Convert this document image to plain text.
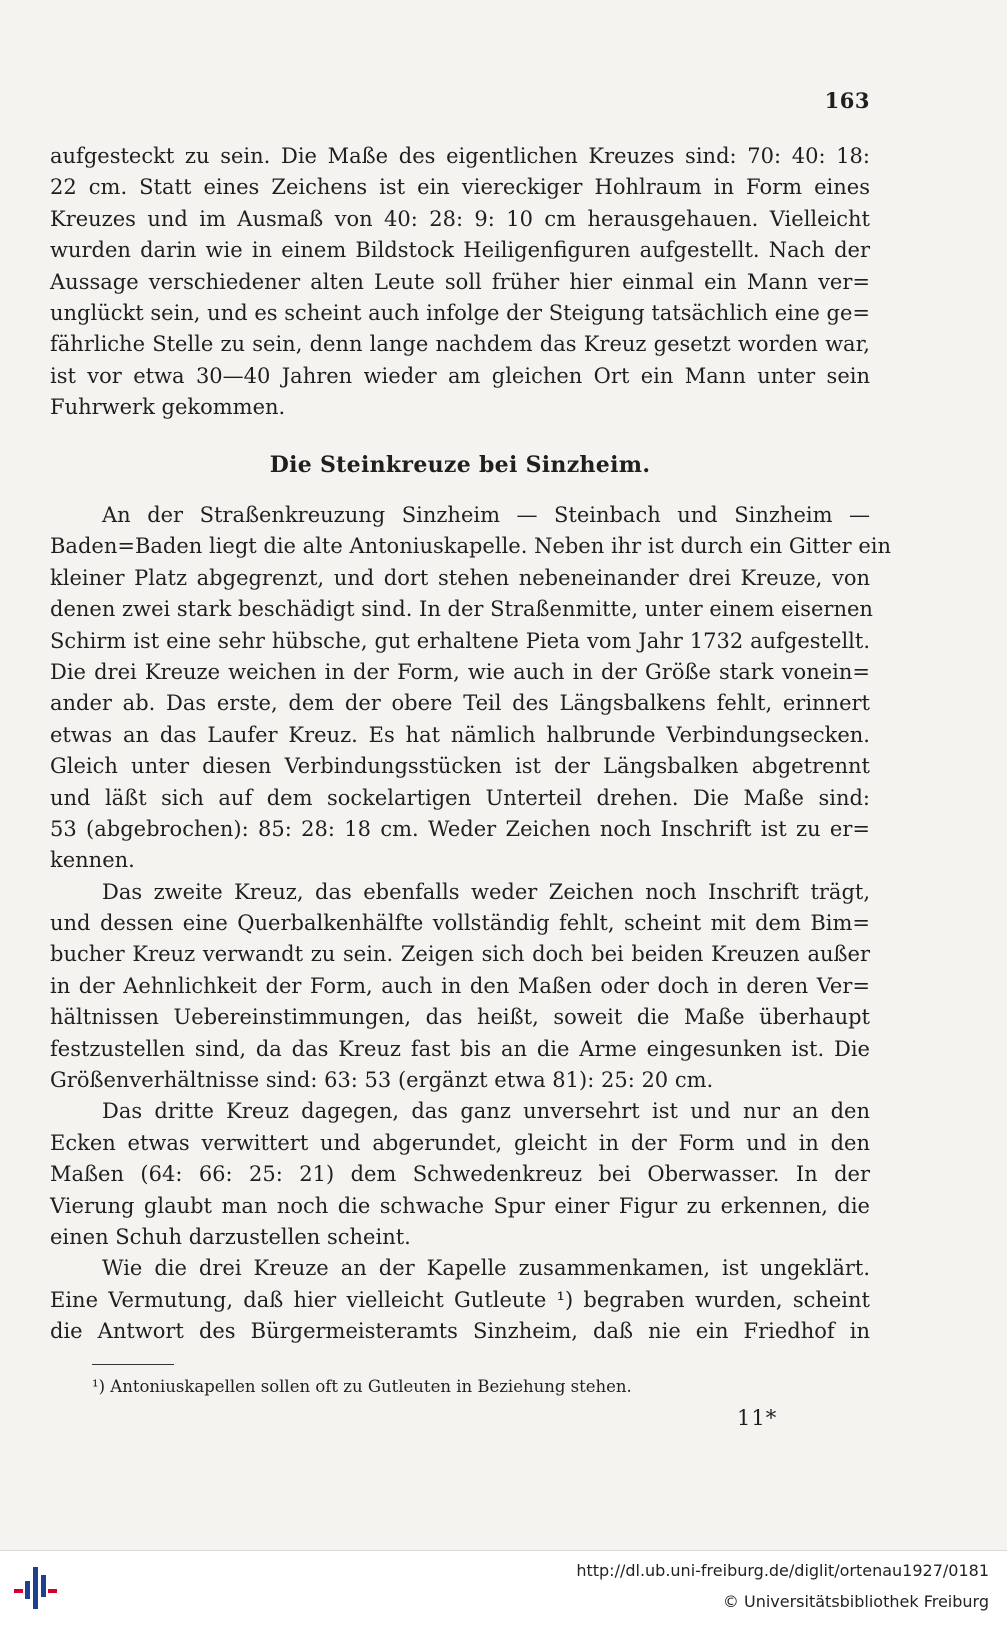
163
aufgesteckt zu sein. Die Maße des eigentlichen Kreuzes sind: 70: 40: 18:
22 cm. Statt eines Zeichens ist ein viereckiger Hohlraum in Form eines
Kreuzes und im Ausmaß von 40: 28: 9: 10 cm herausgehauen. Vielleicht
wurden darin wie in einem Bildstock Heiligenfiguren aufgestellt. Nach der
Aussage verschiedener alten Leute soll früher hier einmal ein Mann ver=
unglückt sein, und es scheint auch infolge der Steigung tatsächlich eine ge=
fährliche Stelle zu sein, denn lange nachdem das Kreuz gesetzt worden war,
ist vor etwa 30—40 Jahren wieder am gleichen Ort ein Mann unter sein
Fuhrwerk gekommen.
Die Steinkreuze bei Sinzheim.
An der Straßenkreuzung Sinzheim — Steinbach und Sinzheim —
Baden=Baden liegt die alte Antoniuskapelle. Neben ihr ist durch ein Gitter ein
kleiner Platz abgegrenzt, und dort stehen nebeneinander drei Kreuze, von
denen zwei stark beschädigt sind. In der Straßenmitte, unter einem eisernen
Schirm ist eine sehr hübsche, gut erhaltene Pieta vom Jahr 1732 aufgestellt.
Die drei Kreuze weichen in der Form, wie auch in der Größe stark vonein=
ander ab. Das erste, dem der obere Teil des Längsbalkens fehlt, erinnert
etwas an das Laufer Kreuz. Es hat nämlich halbrunde Verbindungsecken.
Gleich unter diesen Verbindungsstücken ist der Längsbalken abgetrennt
und läßt sich auf dem sockelartigen Unterteil drehen. Die Maße sind:
53 (abgebrochen): 85: 28: 18 cm. Weder Zeichen noch Inschrift ist zu er=
kennen.
Das zweite Kreuz, das ebenfalls weder Zeichen noch Inschrift trägt,
und dessen eine Querbalkenhälfte vollständig fehlt, scheint mit dem Bim=
bucher Kreuz verwandt zu sein. Zeigen sich doch bei beiden Kreuzen außer
in der Aehnlichkeit der Form, auch in den Maßen oder doch in deren Ver=
hältnissen Uebereinstimmungen, das heißt, soweit die Maße überhaupt
festzustellen sind, da das Kreuz fast bis an die Arme eingesunken ist. Die
Größenverhältnisse sind: 63: 53 (ergänzt etwa 81): 25: 20 cm.
Das dritte Kreuz dagegen, das ganz unversehrt ist und nur an den
Ecken etwas verwittert und abgerundet, gleicht in der Form und in den
Maßen (64: 66: 25: 21) dem Schwedenkreuz bei Oberwasser. In der
Vierung glaubt man noch die schwache Spur einer Figur zu erkennen, die
einen Schuh darzustellen scheint.
Wie die drei Kreuze an der Kapelle zusammenkamen, ist ungeklärt.
Eine Vermutung, daß hier vielleicht Gutleute ¹) begraben wurden, scheint
die Antwort des Bürgermeisteramts Sinzheim, daß nie ein Friedhof in
¹) Antoniuskapellen sollen oft zu Gutleuten in Beziehung stehen.
11*
http://dl.ub.uni-freiburg.de/diglit/ortenau1927/0181
© Universitätsbibliothek Freiburg
